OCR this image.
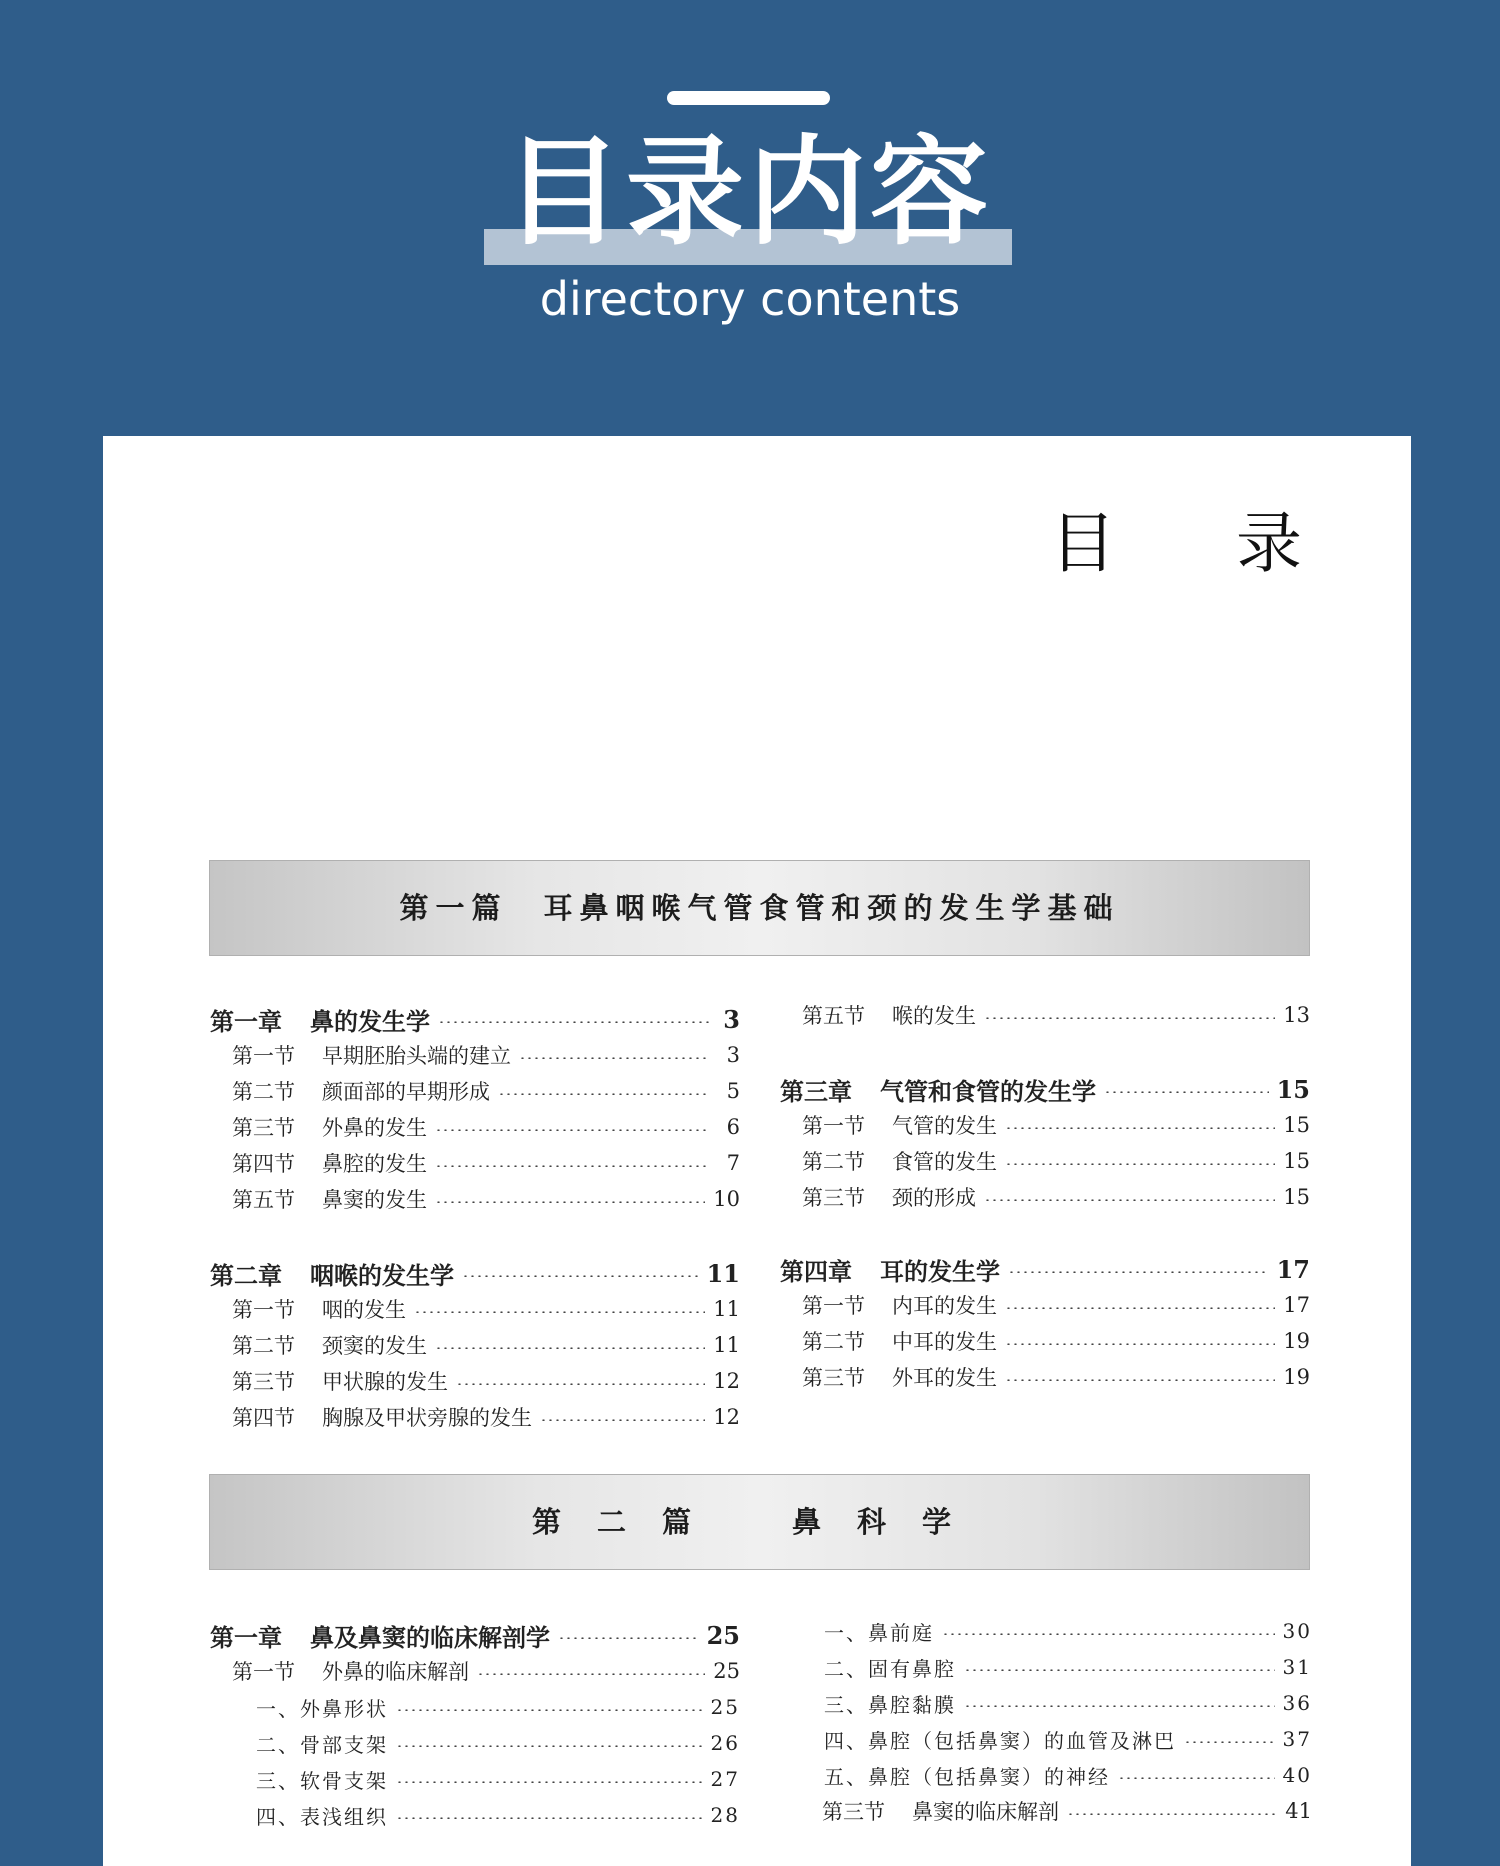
目录内容
directory contents
目录
第一篇　耳鼻咽喉气管食管和颈的发生学基础
第二篇　鼻科学
第一章	鼻的发生学	3
第一节	早期胚胎头端的建立	3
第二节	颜面部的早期形成	5
第三节	外鼻的发生	6
第四节	鼻腔的发生	7
第五节	鼻窦的发生	10
第二章	咽喉的发生学	11
第一节	咽的发生	11
第二节	颈窦的发生	11
第三节	甲状腺的发生	12
第四节	胸腺及甲状旁腺的发生	12
第五节	喉的发生	13
第三章	气管和食管的发生学	15
第一节	气管的发生	15
第二节	食管的发生	15
第三节	颈的形成	15
第四章	耳的发生学	17
第一节	内耳的发生	17
第二节	中耳的发生	19
第三节	外耳的发生	19
第一章	鼻及鼻窦的临床解剖学	25
第一节	外鼻的临床解剖	25
一、外鼻形状	25
二、骨部支架	26
三、软骨支架	27
四、表浅组织	28
一、鼻前庭	30
二、固有鼻腔	31
三、鼻腔黏膜	36
四、鼻腔（包括鼻窦）的血管及淋巴	37
五、鼻腔（包括鼻窦）的神经	40
第三节	鼻窦的临床解剖	41
